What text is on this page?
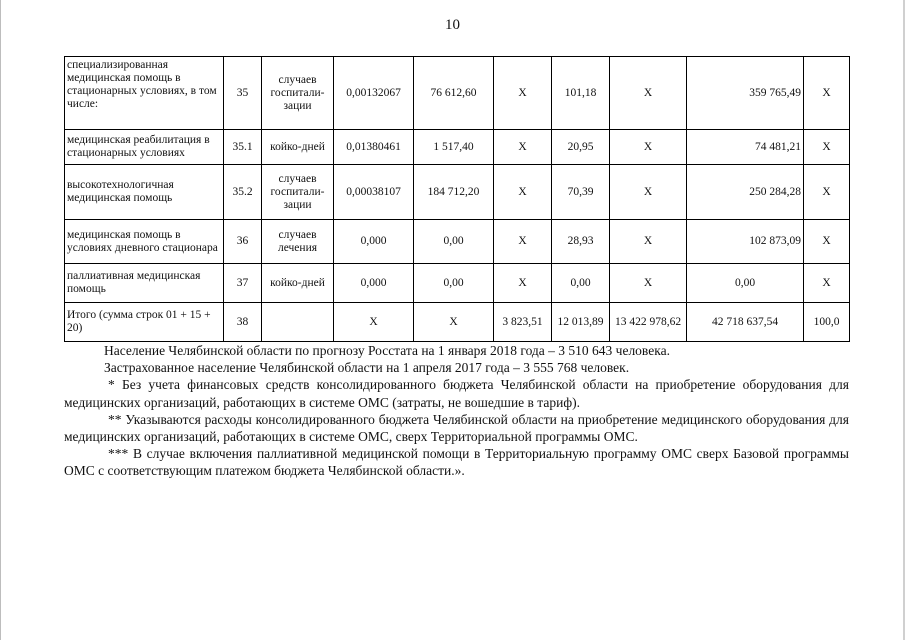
10
специализированная медицинская помощь в стационарных условиях, в том числе:	35	случаев госпитали-зации	0,00132067	76 612,60	X	101,18	X	359 765,49	X
медицинская реабилитация в стационарных условиях	35.1	койко-дней	0,01380461	1 517,40	X	20,95	X	74 481,21	X
высокотехнологичная медицинская помощь	35.2	случаев госпитали-зации	0,00038107	184 712,20	X	70,39	X	250 284,28	X
медицинская помощь в условиях дневного стационара	36	случаев лечения	0,000	0,00	X	28,93	X	102 873,09	X
паллиативная медицинская помощь	37	койко-дней	0,000	0,00	X	0,00	X	0,00	X
Итого (сумма строк 01 + 15 + 20)	38		X	X	3 823,51	12 013,89	13 422 978,62	42 718 637,54	100,0

Население Челябинской области по прогнозу Росстата на 1 января 2018 года – 3 510 643 человека.

Застрахованное население Челябинской области на 1 апреля 2017 года – 3 555 768 человек.

* Без учета финансовых средств консолидированного бюджета Челябинской области на приобретение оборудования для медицинских организаций, работающих в системе ОМС (затраты, не вошедшие в тариф).

** Указываются расходы консолидированного бюджета Челябинской области на приобретение медицинского оборудования для медицинских организаций, работающих в системе ОМС, сверх Территориальной программы ОМС.

*** В случае включения паллиативной медицинской помощи в Территориальную программу ОМС сверх Базовой программы ОМС с соответствующим платежом бюджета Челябинской области.».
